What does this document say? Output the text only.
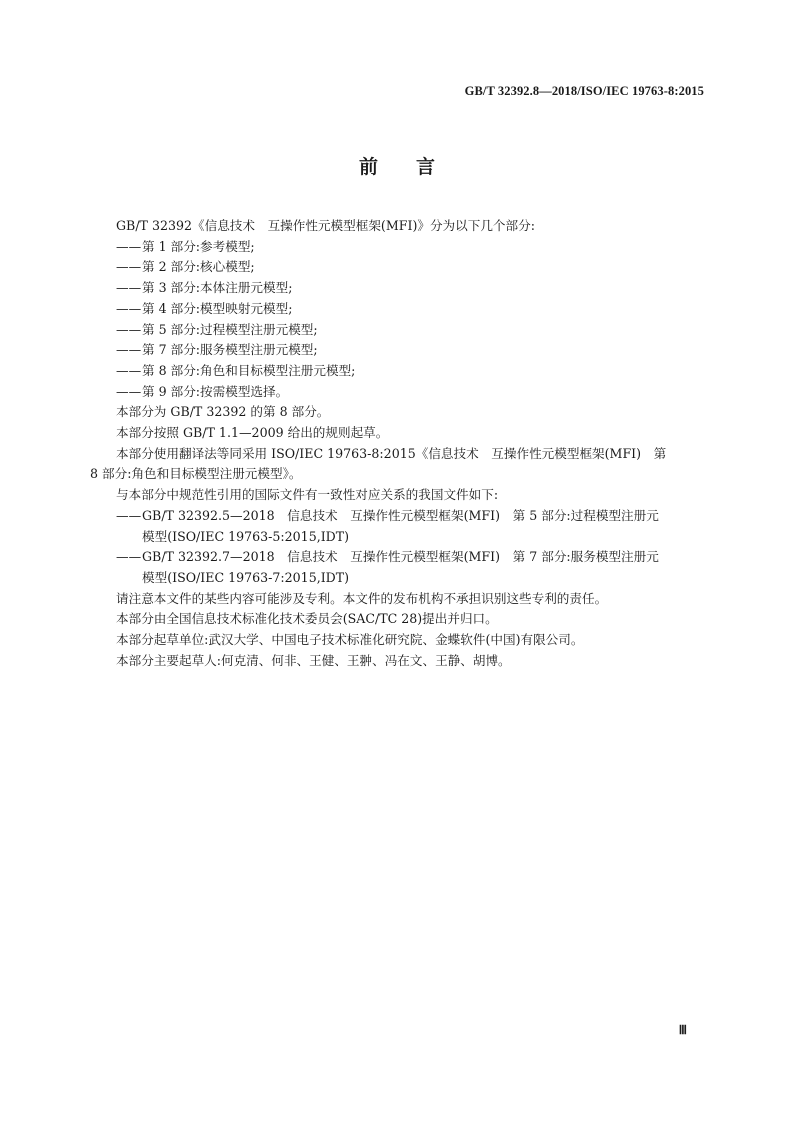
GB/T 32392.8—2018/ISO/IEC 19763-8:2015
前　　言
GB/T 32392《信息技术　互操作性元模型框架(MFI)》分为以下几个部分:
——第 1 部分:参考模型;
——第 2 部分:核心模型;
——第 3 部分:本体注册元模型;
——第 4 部分:模型映射元模型;
——第 5 部分:过程模型注册元模型;
——第 7 部分:服务模型注册元模型;
——第 8 部分:角色和目标模型注册元模型;
——第 9 部分:按需模型选择。
本部分为 GB/T 32392 的第 8 部分。
本部分按照 GB/T 1.1—2009 给出的规则起草。
本部分使用翻译法等同采用 ISO/IEC 19763-8:2015《信息技术　互操作性元模型框架(MFI)　第
8 部分:角色和目标模型注册元模型》。
与本部分中规范性引用的国际文件有一致性对应关系的我国文件如下:
——GB/T 32392.5—2018　信息技术　互操作性元模型框架(MFI)　第 5 部分:过程模型注册元
模型(ISO/IEC 19763-5:2015,IDT)
——GB/T 32392.7—2018　信息技术　互操作性元模型框架(MFI)　第 7 部分:服务模型注册元
模型(ISO/IEC 19763-7:2015,IDT)
请注意本文件的某些内容可能涉及专利。本文件的发布机构不承担识别这些专利的责任。
本部分由全国信息技术标准化技术委员会(SAC/TC 28)提出并归口。
本部分起草单位:武汉大学、中国电子技术标准化研究院、金蝶软件(中国)有限公司。
本部分主要起草人:何克清、何非、王健、王翀、冯在文、王静、胡博。
Ⅲ
